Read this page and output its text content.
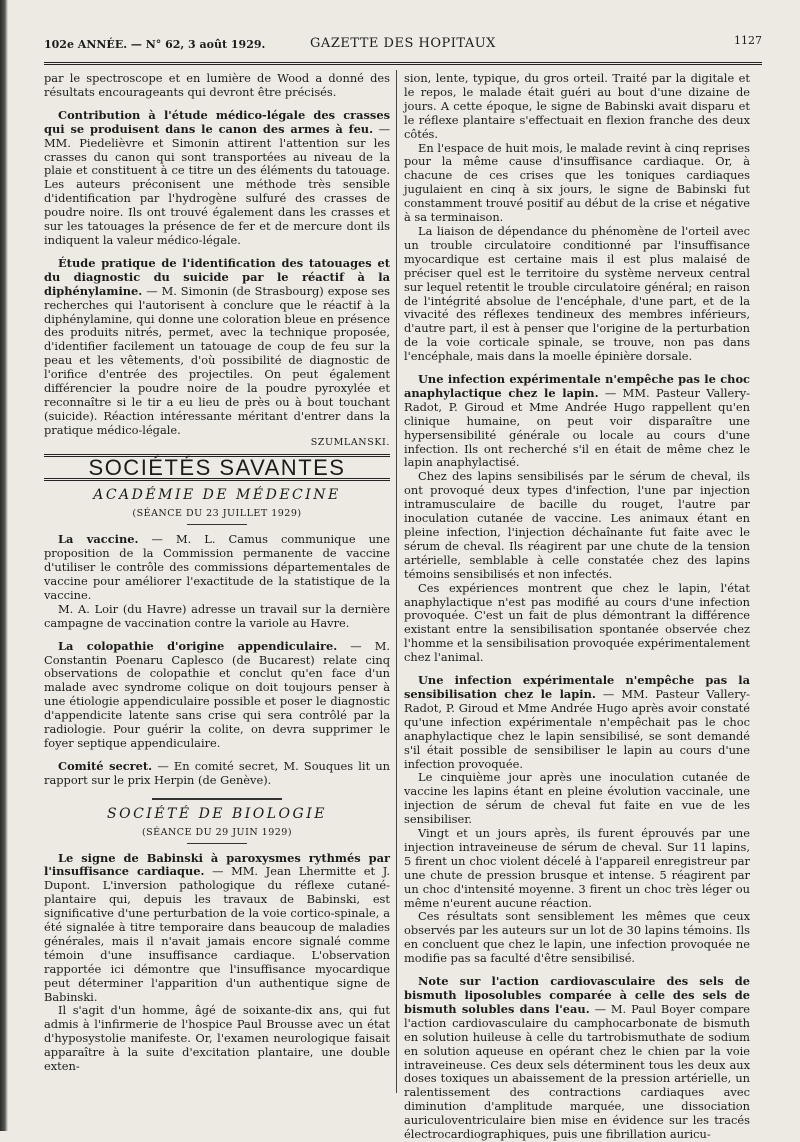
102e ANNÉE. — N° 62, 3 août 1929.	GAZETTE DES HOPITAUX	1127

par le spectroscope et en lumière de Wood a donné des résultats encourageants qui devront être précisés.

Contribution à l'étude médico-légale des crasses qui se produisent dans le canon des armes à feu. — MM. Piedelièvre et Simonin attirent l'attention sur les crasses du canon qui sont transportées au niveau de la plaie et constituent à ce titre un des éléments du tatouage. Les auteurs préconisent une méthode très sensible d'identification par l'hydrogène sulfuré des crasses de poudre noire. Ils ont trouvé également dans les crasses et sur les tatouages la présence de fer et de mercure dont ils indiquent la valeur médico-légale.

Étude pratique de l'identification des tatouages et du diagnostic du suicide par le réactif à la diphénylamine. — M. Simonin (de Strasbourg) expose ses recherches qui l'autorisent à conclure que le réactif à la diphénylamine, qui donne une coloration bleue en présence des produits nitrés, permet, avec la technique proposée, d'identifier facilement un tatouage de coup de feu sur la peau et les vêtements, d'où possibilité de diagnostic de l'orifice d'entrée des projectiles. On peut également différencier la poudre noire de la poudre pyroxylée et reconnaître si le tir a eu lieu de près ou à bout touchant (suicide). Réaction intéressante méritant d'entrer dans la pratique médico-légale.

SZUMLANSKI.
SOCIÉTÉS SAVANTES
ACADÉMIE DE MÉDECINE
(SÉANCE DU 23 JUILLET 1929)

La vaccine. — M. L. Camus communique une proposition de la Commission permanente de vaccine d'utiliser le contrôle des commissions départementales de vaccine pour améliorer l'exactitude de la statistique de la vaccine.

M. A. Loir (du Havre) adresse un travail sur la dernière campagne de vaccination contre la variole au Havre.

La colopathie d'origine appendiculaire. — M. Constantin Poenaru Caplesco (de Bucarest) relate cinq observations de colopathie et conclut qu'en face d'un malade avec syndrome colique on doit toujours penser à une étiologie appendiculaire possible et poser le diagnostic d'appendicite latente sans crise qui sera contrôlé par la radiologie. Pour guérir la colite, on devra supprimer le foyer septique appendiculaire.

Comité secret. — En comité secret, M. Souques lit un rapport sur le prix Herpin (de Genève).

SOCIÉTÉ DE BIOLOGIE
(SÉANCE DU 29 JUIN 1929)

Le signe de Babinski à paroxysmes rythmés par l'insuffisance cardiaque. — MM. Jean Lhermitte et J. Dupont. L'inversion pathologique du réflexe cutané-plantaire qui, depuis les travaux de Babinski, est significative d'une perturbation de la voie cortico-spinale, a été signalée à titre temporaire dans beaucoup de maladies générales, mais il n'avait jamais encore signalé comme témoin d'une insuffisance cardiaque. L'observation rapportée ici démontre que l'insuffisance myocardique peut déterminer l'apparition d'un authentique signe de Babinski.

Il s'agit d'un homme, âgé de soixante-dix ans, qui fut admis à l'infirmerie de l'hospice Paul Brousse avec un état d'hyposystolie manifeste. Or, l'examen neurologique faisait apparaître à la suite d'excitation plantaire, une double exten-

sion, lente, typique, du gros orteil. Traité par la digitale et le repos, le malade était guéri au bout d'une dizaine de jours. A cette époque, le signe de Babinski avait disparu et le réflexe plantaire s'effectuait en flexion franche des deux côtés.

En l'espace de huit mois, le malade revint à cinq reprises pour la même cause d'insuffisance cardiaque. Or, à chacune de ces crises que les toniques cardiaques jugulaient en cinq à six jours, le signe de Babinski fut constamment trouvé positif au début de la crise et négative à sa terminaison.

La liaison de dépendance du phénomène de l'orteil avec un trouble circulatoire conditionné par l'insuffisance myocardique est certaine mais il est plus malaisé de préciser quel est le territoire du système nerveux central sur lequel retentit le trouble circulatoire général; en raison de l'intégrité absolue de l'encéphale, d'une part, et de la vivacité des réflexes tendineux des membres inférieurs, d'autre part, il est à penser que l'origine de la perturbation de la voie corticale spinale, se trouve, non pas dans l'encéphale, mais dans la moelle épinière dorsale.

Une infection expérimentale n'empêche pas le choc anaphylactique chez le lapin. — MM. Pasteur Vallery-Radot, P. Giroud et Mme Andrée Hugo rappellent qu'en clinique humaine, on peut voir disparaître une hypersensibilité générale ou locale au cours d'une infection. Ils ont recherché s'il en était de même chez le lapin anaphylactisé.

Chez des lapins sensibilisés par le sérum de cheval, ils ont provoqué deux types d'infection, l'une par injection intramusculaire de bacille du rouget, l'autre par inoculation cutanée de vaccine. Les animaux étant en pleine infection, l'injection déchaînante fut faite avec le sérum de cheval. Ils réagirent par une chute de la tension artérielle, semblable à celle constatée chez des lapins témoins sensibilisés et non infectés.

Ces expériences montrent que chez le lapin, l'état anaphylactique n'est pas modifié au cours d'une infection provoquée. C'est un fait de plus démontrant la différence existant entre la sensibilisation spontanée observée chez l'homme et la sensibilisation provoquée expérimentalement chez l'animal.

Une infection expérimentale n'empêche pas la sensibilisation chez le lapin. — MM. Pasteur Vallery-Radot, P. Giroud et Mme Andrée Hugo après avoir constaté qu'une infection expérimentale n'empêchait pas le choc anaphylactique chez le lapin sensibilisé, se sont demandé s'il était possible de sensibiliser le lapin au cours d'une infection provoquée.

Le cinquième jour après une inoculation cutanée de vaccine les lapins étant en pleine évolution vaccinale, une injection de sérum de cheval fut faite en vue de les sensibiliser.

Vingt et un jours après, ils furent éprouvés par une injection intraveineuse de sérum de cheval. Sur 11 lapins, 5 firent un choc violent décelé à l'appareil enregistreur par une chute de pression brusque et intense. 5 réagirent par un choc d'intensité moyenne. 3 firent un choc très léger ou même n'eurent aucune réaction.

Ces résultats sont sensiblement les mêmes que ceux observés par les auteurs sur un lot de 30 lapins témoins. Ils en concluent que chez le lapin, une infection provoquée ne modifie pas sa faculté d'être sensibilisé.

Note sur l'action cardiovasculaire des sels de bismuth liposolubles comparée à celle des sels de bismuth solubles dans l'eau. — M. Paul Boyer compare l'action cardiovasculaire du camphocarbonate de bismuth en solution huileuse à celle du tartrobismuthate de sodium en solution aqueuse en opérant chez le chien par la voie intraveineuse. Ces deux sels déterminent tous les deux aux doses toxiques un abaissement de la pression artérielle, un ralentissement des contractions cardiaques avec diminution d'amplitude marquée, une dissociation auriculoventriculaire bien mise en évidence sur les tracés électrocardiographiques, puis une fibrillation auricu-
